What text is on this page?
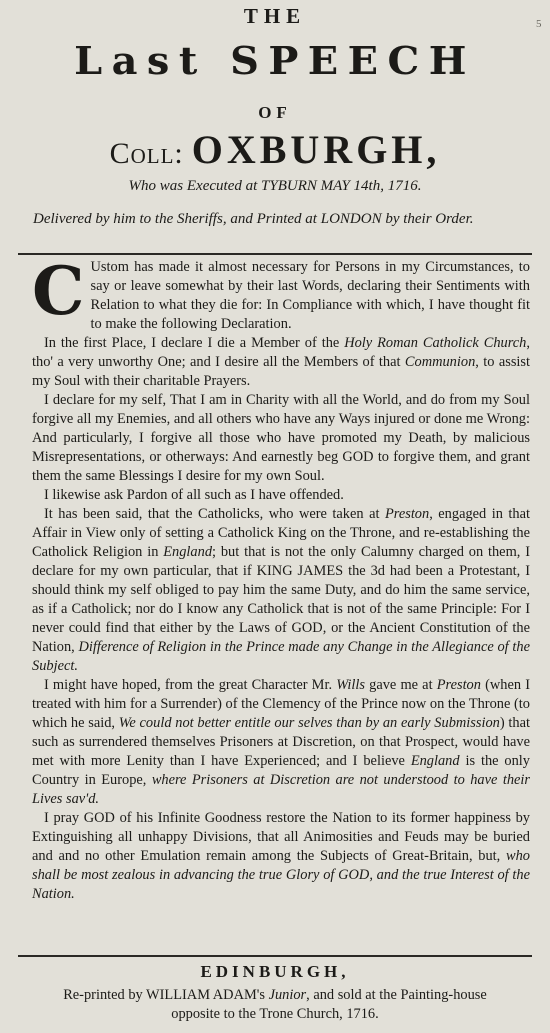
5
THE
Last SPEECH
OF
Coll: OXBURGH,
Who was Executed at TYBURN MAY 14th, 1716.
Delivered by him to the Sheriffs, and Printed at LONDON by their Order.

C Ustom has made it almost necessary for Persons in my Circumstances, to say or leave somewhat by their last Words, declaring their Sentiments with Relation to what they die for: In Compliance with which, I have thought fit to make the following Declaration.

In the first Place, I declare I die a Member of the Holy Roman Catholick Church, tho' a very unworthy One; and I desire all the Members of that Communion, to assist my Soul with their charitable Prayers.

I declare for my self, That I am in Charity with all the World, and do from my Soul forgive all my Enemies, and all others who have any Ways injured or done me Wrong: And particularly, I forgive all those who have promoted my Death, by malicious Misrepresentations, or otherways: And earnestly beg GOD to forgive them, and grant them the same Blessings I desire for my own Soul.

I likewise ask Pardon of all such as I have offended.

It has been said, that the Catholicks, who were taken at Preston, engaged in that Affair in View only of setting a Catholick King on the Throne, and re-establishing the Catholick Religion in England; but that is not the only Calumny charged on them, I declare for my own particular, that if KING JAMES the 3d had been a Protestant, I should think my self obliged to pay him the same Duty, and do him the same service, as if a Catholick; nor do I know any Catholick that is not of the same Principle: For I never could find that either by the Laws of GOD, or the Ancient Constitution of the Nation, Difference of Religion in the Prince made any Change in the Allegiance of the Subject.

I might have hoped, from the great Character Mr. Wills gave me at Preston (when I treated with him for a Surrender) of the Clemency of the Prince now on the Throne (to which he said, We could not better entitle our selves than by an early Submission) that such as surrendered themselves Prisoners at Discretion, on that Prospect, would have met with more Lenity than I have Experienced; and I believe England is the only Country in Europe, where Prisoners at Discretion are not understood to have their Lives sav'd.

I pray GOD of his Infinite Goodness restore the Nation to its former happiness by Extinguishing all unhappy Divisions, that all Animosities and Feuds may be buried and and no other Emulation remain among the Subjects of Great-Britain, but, who shall be most zealous in advancing the true Glory of GOD, and the true Interest of the Nation.

EDINBURGH,
Re-printed by WILLIAM ADAM's Junior, and sold at the Painting-house
opposite to the Trone Church, 1716.
